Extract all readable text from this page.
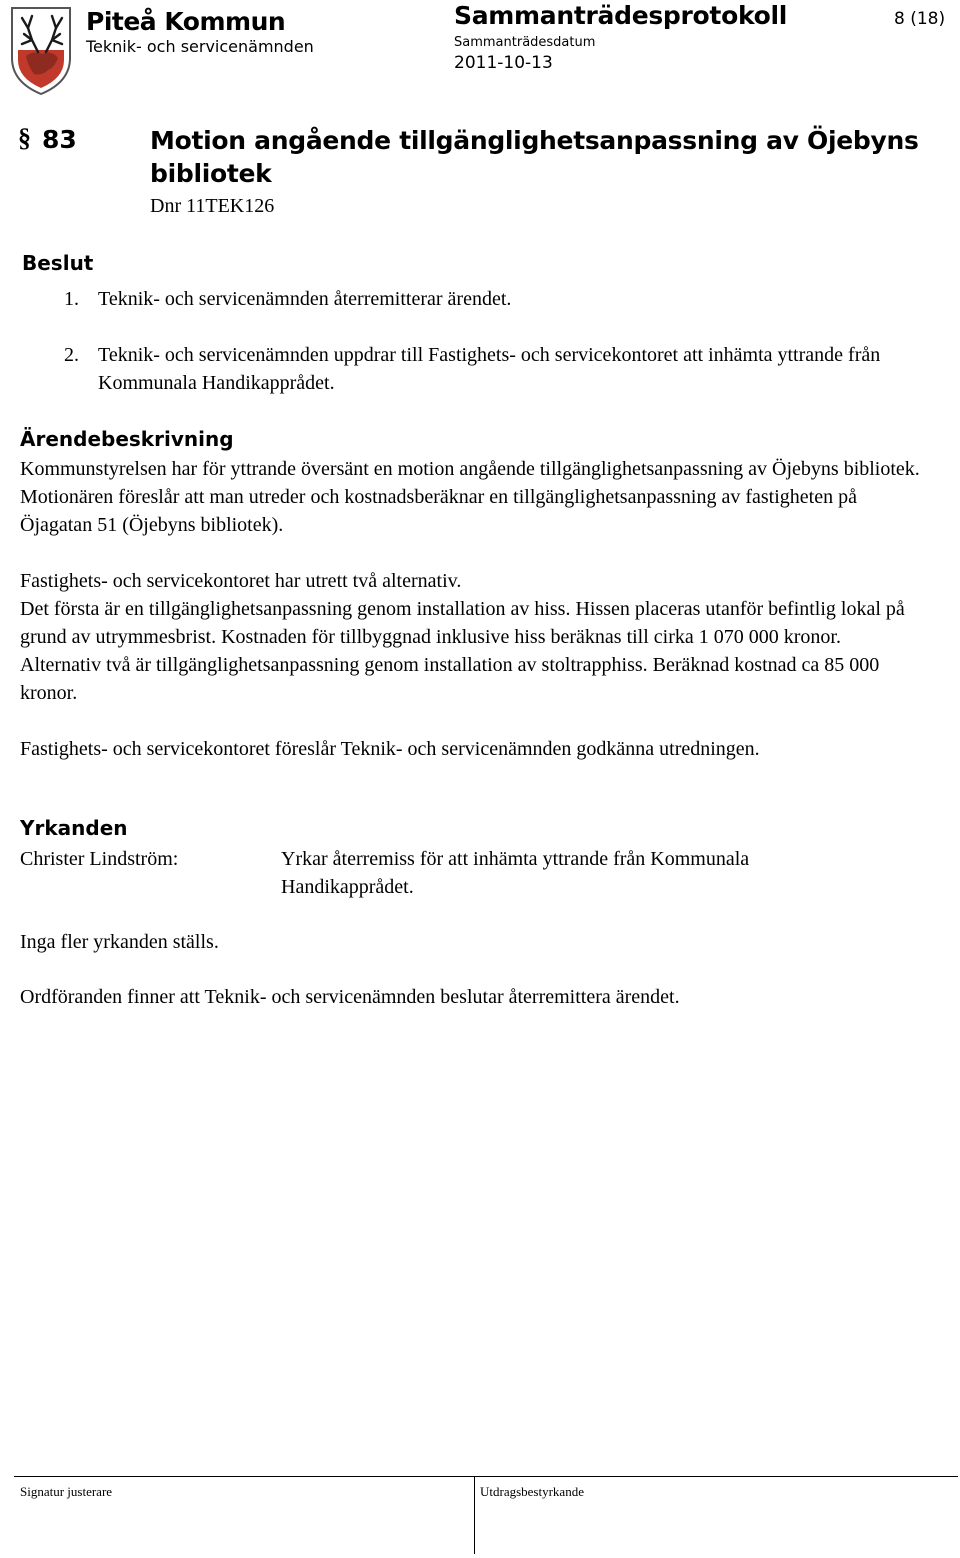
Piteå Kommun
Teknik- och servicenämnden
Sammanträdesprotokoll
Sammanträdesdatum
2011-10-13
8 (18)
§ 83	Motion angående tillgänglighetsanpassning av Öjebyns bibliotek
Dnr 11TEK126
Beslut
1. Teknik- och servicenämnden återremitterar ärendet.
2. Teknik- och servicenämnden uppdrar till Fastighets- och servicekontoret att inhämta yttrande från Kommunala Handikapprådet.
Ärendebeskrivning

Kommunstyrelsen har för yttrande översänt en motion angående tillgänglighetsanpassning av Öjebyns bibliotek. Motionären föreslår att man utreder och kostnadsberäknar en tillgänglighetsanpassning av fastigheten på Öjagatan 51 (Öjebyns bibliotek).

Fastighets- och servicekontoret har utrett två alternativ.

Det första är en tillgänglighetsanpassning genom installation av hiss. Hissen placeras utanför befintlig lokal på grund av utrymmesbrist. Kostnaden för tillbyggnad inklusive hiss beräknas till cirka 1 070 000 kronor.

Alternativ två är tillgänglighetsanpassning genom installation av stoltrapphiss. Beräknad kostnad ca 85 000 kronor.

Fastighets- och servicekontoret föreslår Teknik- och servicenämnden godkänna utredningen.

Yrkanden
Christer Lindström:	Yrkar återremiss för att inhämta yttrande från Kommunala Handikapprådet.
Inga fler yrkanden ställs.
Ordföranden finner att Teknik- och servicenämnden beslutar återremittera ärendet.
Signatur justerare	Utdragsbestyrkande
